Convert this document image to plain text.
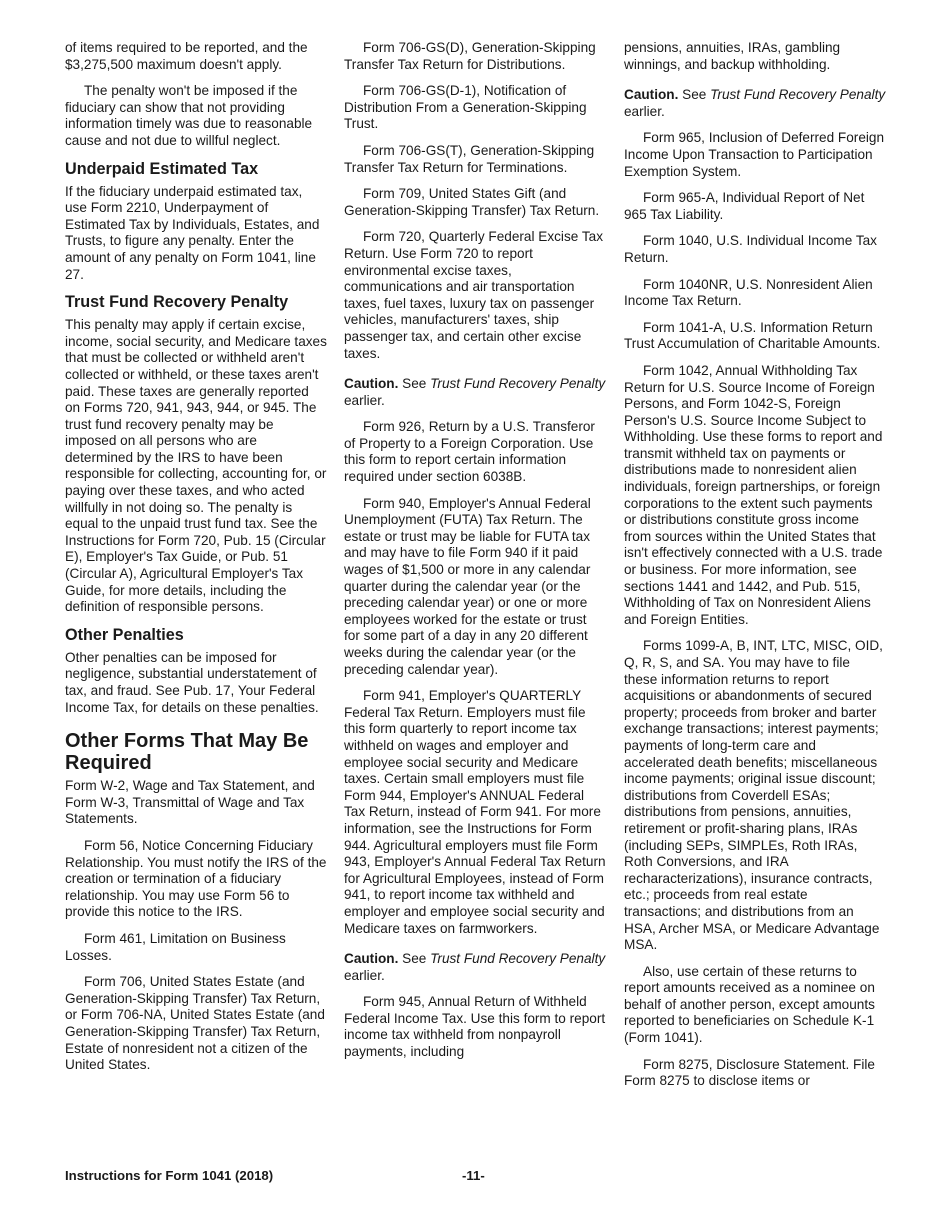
of items required to be reported, and the $3,275,500 maximum doesn't apply.

The penalty won't be imposed if the fiduciary can show that not providing information timely was due to reasonable cause and not due to willful neglect.

Underpaid Estimated Tax

If the fiduciary underpaid estimated tax, use Form 2210, Underpayment of Estimated Tax by Individuals, Estates, and Trusts, to figure any penalty. Enter the amount of any penalty on Form 1041, line 27.

Trust Fund Recovery Penalty

This penalty may apply if certain excise, income, social security, and Medicare taxes that must be collected or withheld aren't collected or withheld, or these taxes aren't paid. These taxes are generally reported on Forms 720, 941, 943, 944, or 945. The trust fund recovery penalty may be imposed on all persons who are determined by the IRS to have been responsible for collecting, accounting for, or paying over these taxes, and who acted willfully in not doing so. The penalty is equal to the unpaid trust fund tax. See the Instructions for Form 720, Pub. 15 (Circular E), Employer's Tax Guide, or Pub. 51 (Circular A), Agricultural Employer's Tax Guide, for more details, including the definition of responsible persons.

Other Penalties

Other penalties can be imposed for negligence, substantial understatement of tax, and fraud. See Pub. 17, Your Federal Income Tax, for details on these penalties.

Other Forms That May Be Required

Form W-2, Wage and Tax Statement, and Form W-3, Transmittal of Wage and Tax Statements.

Form 56, Notice Concerning Fiduciary Relationship. You must notify the IRS of the creation or termination of a fiduciary relationship. You may use Form 56 to provide this notice to the IRS.

Form 461, Limitation on Business Losses.

Form 706, United States Estate (and Generation-Skipping Transfer) Tax Return, or Form 706-NA, United States Estate (and Generation-Skipping Transfer) Tax Return, Estate of nonresident not a citizen of the United States.

Form 706-GS(D), Generation-Skipping Transfer Tax Return for Distributions.

Form 706-GS(D-1), Notification of Distribution From a Generation-Skipping Trust.

Form 706-GS(T), Generation-Skipping Transfer Tax Return for Terminations.

Form 709, United States Gift (and Generation-Skipping Transfer) Tax Return.

Form 720, Quarterly Federal Excise Tax Return. Use Form 720 to report environmental excise taxes, communications and air transportation taxes, fuel taxes, luxury tax on passenger vehicles, manufacturers' taxes, ship passenger tax, and certain other excise taxes.

Caution. See Trust Fund Recovery Penalty earlier.

Form 926, Return by a U.S. Transferor of Property to a Foreign Corporation. Use this form to report certain information required under section 6038B.

Form 940, Employer's Annual Federal Unemployment (FUTA) Tax Return. The estate or trust may be liable for FUTA tax and may have to file Form 940 if it paid wages of $1,500 or more in any calendar quarter during the calendar year (or the preceding calendar year) or one or more employees worked for the estate or trust for some part of a day in any 20 different weeks during the calendar year (or the preceding calendar year).

Form 941, Employer's QUARTERLY Federal Tax Return. Employers must file this form quarterly to report income tax withheld on wages and employer and employee social security and Medicare taxes. Certain small employers must file Form 944, Employer's ANNUAL Federal Tax Return, instead of Form 941. For more information, see the Instructions for Form 944. Agricultural employers must file Form 943, Employer's Annual Federal Tax Return for Agricultural Employees, instead of Form 941, to report income tax withheld and employer and employee social security and Medicare taxes on farmworkers.

Caution. See Trust Fund Recovery Penalty earlier.

Form 945, Annual Return of Withheld Federal Income Tax. Use this form to report income tax withheld from nonpayroll payments, including

pensions, annuities, IRAs, gambling winnings, and backup withholding.

Caution. See Trust Fund Recovery Penalty earlier.

Form 965, Inclusion of Deferred Foreign Income Upon Transaction to Participation Exemption System.

Form 965-A, Individual Report of Net 965 Tax Liability.

Form 1040, U.S. Individual Income Tax Return.

Form 1040NR, U.S. Nonresident Alien Income Tax Return.

Form 1041-A, U.S. Information Return Trust Accumulation of Charitable Amounts.

Form 1042, Annual Withholding Tax Return for U.S. Source Income of Foreign Persons, and Form 1042-S, Foreign Person's U.S. Source Income Subject to Withholding. Use these forms to report and transmit withheld tax on payments or distributions made to nonresident alien individuals, foreign partnerships, or foreign corporations to the extent such payments or distributions constitute gross income from sources within the United States that isn't effectively connected with a U.S. trade or business. For more information, see sections 1441 and 1442, and Pub. 515, Withholding of Tax on Nonresident Aliens and Foreign Entities.

Forms 1099-A, B, INT, LTC, MISC, OID, Q, R, S, and SA. You may have to file these information returns to report acquisitions or abandonments of secured property; proceeds from broker and barter exchange transactions; interest payments; payments of long-term care and accelerated death benefits; miscellaneous income payments; original issue discount; distributions from Coverdell ESAs; distributions from pensions, annuities, retirement or profit-sharing plans, IRAs (including SEPs, SIMPLEs, Roth IRAs, Roth Conversions, and IRA recharacterizations), insurance contracts, etc.; proceeds from real estate transactions; and distributions from an HSA, Archer MSA, or Medicare Advantage MSA.

Also, use certain of these returns to report amounts received as a nominee on behalf of another person, except amounts reported to beneficiaries on Schedule K-1 (Form 1041).

Form 8275, Disclosure Statement. File Form 8275 to disclose items or

Instructions for Form 1041 (2018)	-11-
